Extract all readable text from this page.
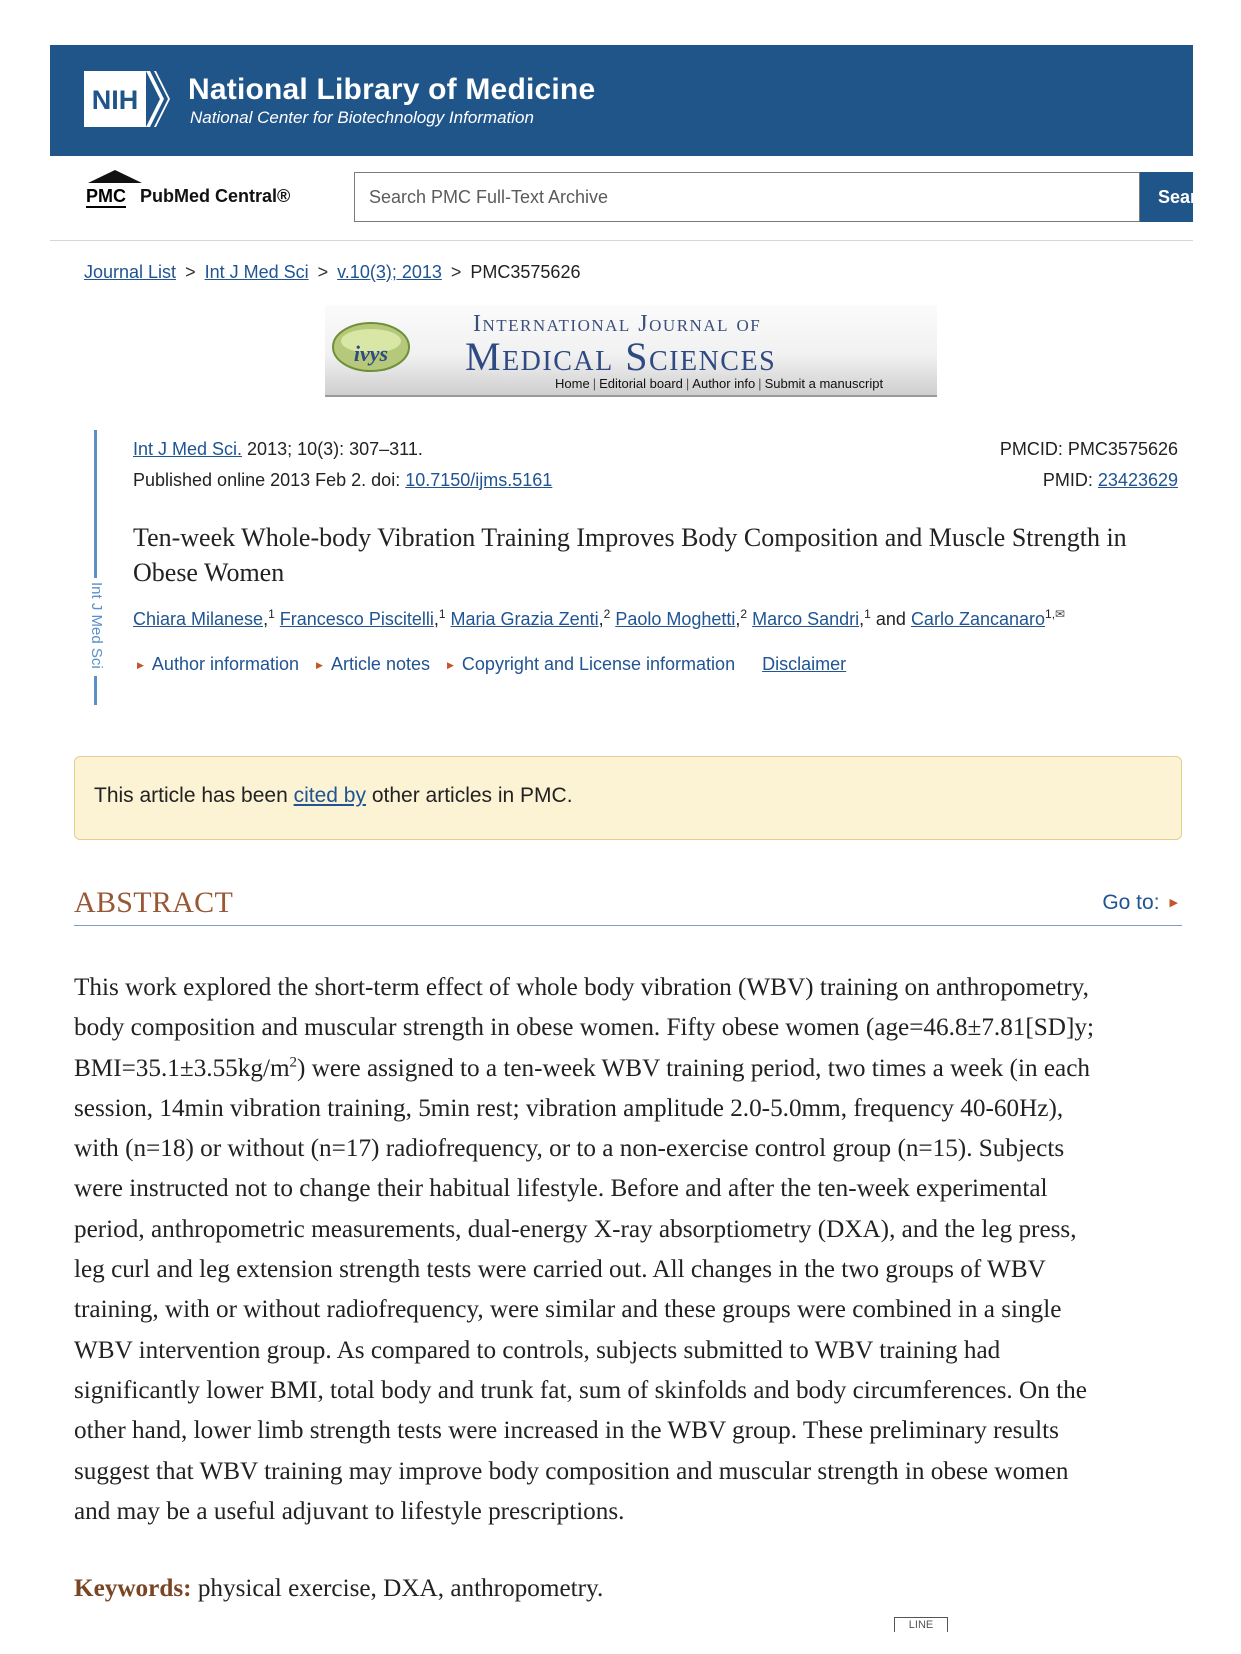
NIH National Library of Medicine
National Center for Biotechnology Information
PMC PubMed Central®
Search PMC Full-Text Archive	Search
Journal List > Int J Med Sci > v.10(3); 2013 > PMC3575626
ivys
International Journal of
Medical Sciences
Home | Editorial board | Author info | Submit a manuscript
Int J Med Sci
Int J Med Sci. 2013; 10(3): 307–311.
Published online 2013 Feb 2. doi: 10.7150/ijms.5161
PMCID: PMC3575626
PMID: 23423629
Ten-week Whole-body Vibration Training Improves Body Composition and Muscle Strength in Obese Women
Chiara Milanese,$^1$ Francesco Piscitelli,$^1$ Maria Grazia Zenti,$^2$ Paolo Moghetti,$^2$ Marco Sandri,$^1$ and Carlo Zancanaro$^{1,✉}$
▶ Author information ▶ Article notes ▶ Copyright and License information Disclaimer
This article has been cited by other articles in PMC.
ABSTRACT	Go to: ▶
This work explored the short-term effect of whole body vibration (WBV) training on anthropometry,
body composition and muscular strength in obese women. Fifty obese women (age=46.8±7.81[SD]y;
$BMI=35.1\pm 3.55kg/m^2$) were assigned to a ten-week WBV training period, two times a week (in each
session, 14min vibration training, 5min rest; vibration amplitude 2.0-5.0mm, frequency 40-60Hz),
with (n=18) or without (n=17) radiofrequency, or to a non-exercise control group (n=15). Subjects
were instructed not to change their habitual lifestyle. Before and after the ten-week experimental
period, anthropometric measurements, dual-energy X-ray absorptiometry (DXA), and the leg press,
leg curl and leg extension strength tests were carried out. All changes in the two groups of WBV
training, with or without radiofrequency, were similar and these groups were combined in a single
WBV intervention group. As compared to controls, subjects submitted to WBV training had
significantly lower BMI, total body and trunk fat, sum of skinfolds and body circumferences. On the
other hand, lower limb strength tests were increased in the WBV group. These preliminary results
suggest that WBV training may improve body composition and muscular strength in obese women
and may be a useful adjuvant to lifestyle prescriptions.
Keywords: physical exercise, DXA, anthropometry.
LINE
